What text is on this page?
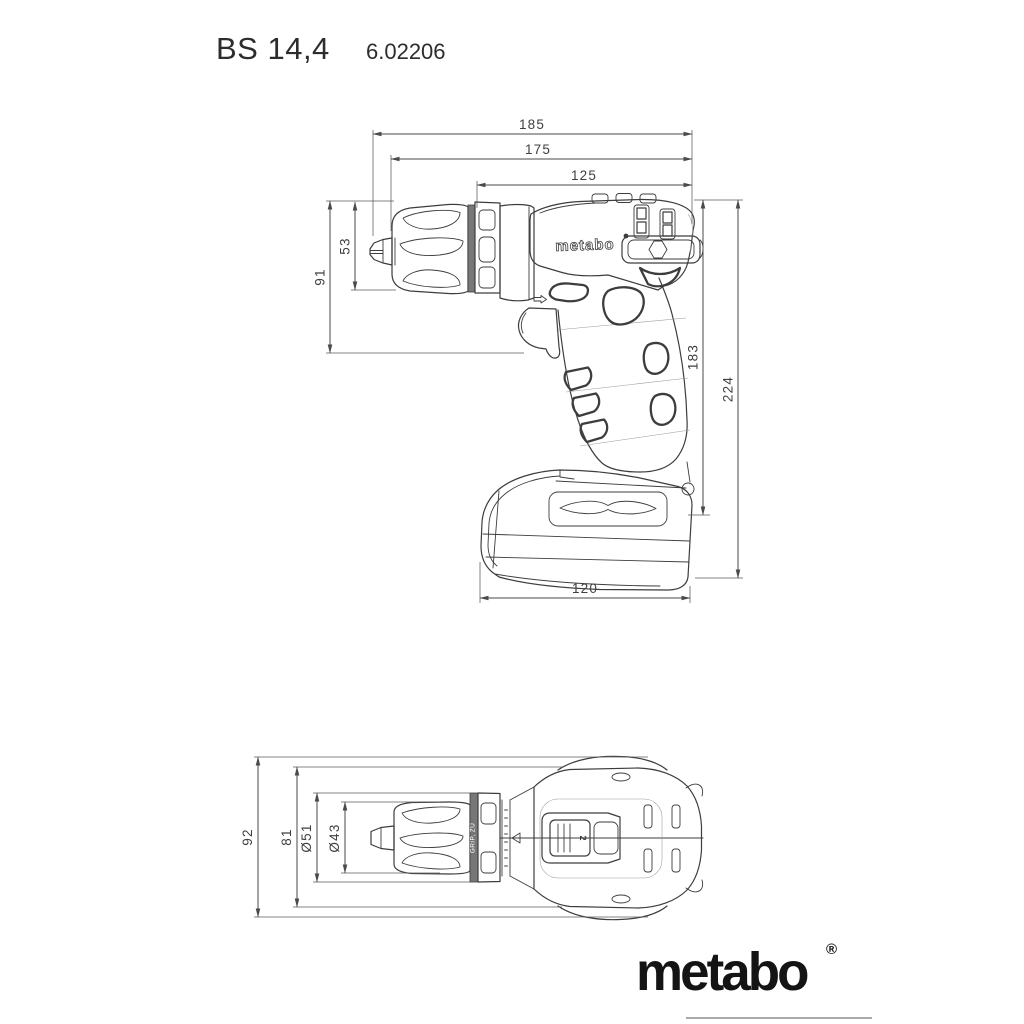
BS 14,4 6.02206
metabo
185
175
125
53
91
183
224
120
GRIP, ZU	2
92 81 Ø51 Ø43
metabo ®
